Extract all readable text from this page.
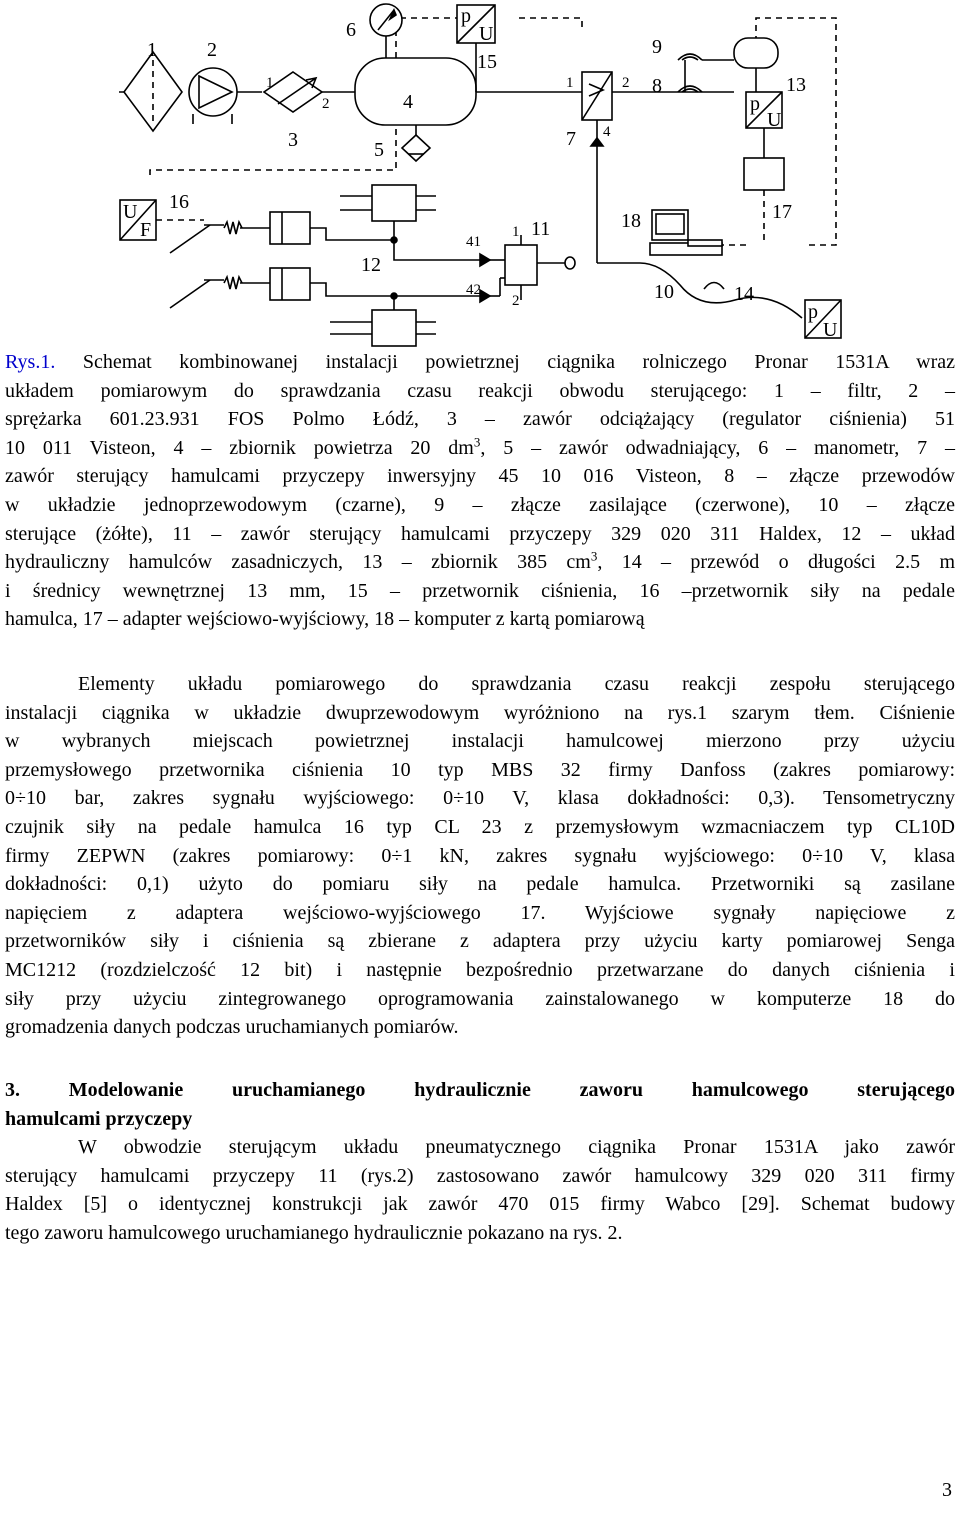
1	2
3
4
5
6
7
8
9
10
11
12
13
14
15
16	17
18
1
2
1	2
4
1
2
41
42
p
U
p
U
p
U
U
F
Rys.1. Schemat kombinowanej instalacji powietrznej ciągnika rolniczego Pronar 1531A wraz
układem pomiarowym do sprawdzania czasu reakcji obwodu sterującego: 1 – filtr, 2 –
sprężarka 601.23.931 FOS Polmo Łódź, 3 – zawór odciążający (regulator ciśnienia) 51
10 011 Visteon, 4 – zbiornik powietrza 20 $dm^3$, 5 – zawór odwadniający, 6 – manometr, 7 –
zawór sterujący hamulcami przyczepy inwersyjny 45 10 016 Visteon, 8 – złącze przewodów
w układzie jednoprzewodowym (czarne), 9 – złącze zasilające (czerwone), 10 – złącze
sterujące (żółte), 11 – zawór sterujący hamulcami przyczepy 329 020 311 Haldex, 12 – układ
hydrauliczny hamulców zasadniczych, 13 – zbiornik 385 $cm^3$, 14 – przewód o długości 2.5 m
i średnicy wewnętrznej 13 mm, 15 – przetwornik ciśnienia, 16 –przetwornik siły na pedale
hamulca, 17 – adapter wejściowo-wyjściowy, 18 – komputer z kartą pomiarową
Elementy układu pomiarowego do sprawdzania czasu reakcji zespołu sterującego
instalacji ciągnika w układzie dwuprzewodowym wyróżniono na rys.1 szarym tłem. Ciśnienie
w wybranych miejscach powietrznej instalacji hamulcowej mierzono przy użyciu
przemysłowego przetwornika ciśnienia 10 typ MBS 32 firmy Danfoss (zakres pomiarowy:
0÷10 bar, zakres sygnału wyjściowego: 0÷10 V, klasa dokładności: 0,3). Tensometryczny
czujnik siły na pedale hamulca 16 typ CL 23 z przemysłowym wzmacniaczem typ CL10D
firmy ZEPWN (zakres pomiarowy: 0÷1 kN, zakres sygnału wyjściowego: 0÷10 V, klasa
dokładności: 0,1) użyto do pomiaru siły na pedale hamulca. Przetworniki są zasilane
napięciem z adaptera wejściowo-wyjściowego 17. Wyjściowe sygnały napięciowe z
przetworników siły i ciśnienia są zbierane z adaptera przy użyciu karty pomiarowej Senga
MC1212 (rozdzielczość 12 bit) i następnie bezpośrednio przetwarzane do danych ciśnienia i
siły przy użyciu zintegrowanego oprogramowania zainstalowanego w komputerze 18 do
gromadzenia danych podczas uruchamianych pomiarów.
3. Modelowanie uruchamianego hydraulicznie zaworu hamulcowego sterującego
hamulcami przyczepy
W obwodzie sterującym układu pneumatycznego ciągnika Pronar 1531A jako zawór
sterujący hamulcami przyczepy 11 (rys.2) zastosowano zawór hamulcowy 329 020 311 firmy
Haldex [5] o identycznej konstrukcji jak zawór 470 015 firmy Wabco [29]. Schemat budowy
tego zaworu hamulcowego uruchamianego hydraulicznie pokazano na rys. 2.
3
